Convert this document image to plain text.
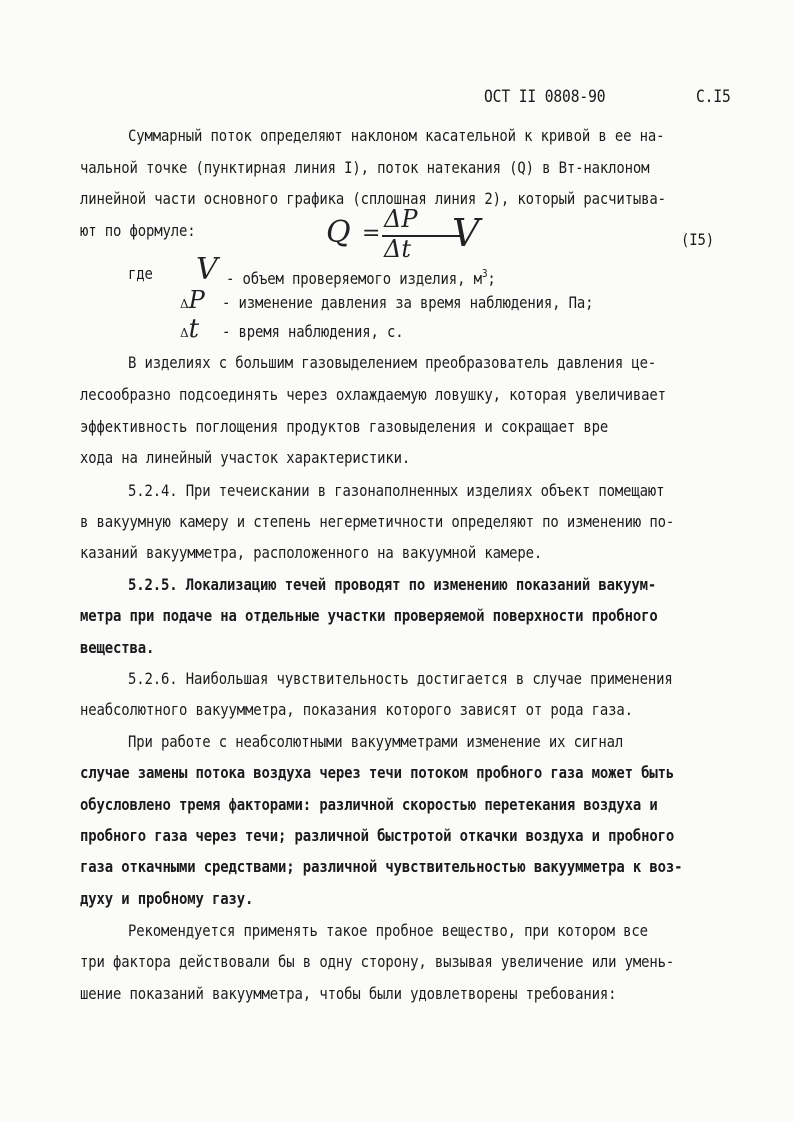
ОСТ II 0808-90	С.I5
Суммарный поток определяют наклоном касательной к кривой в ее на-
чальной точке (пунктирная линия I), поток натекания (Q) в Вт-наклоном
линейной части основного графика (сплошная линия 2), который расчитыва-
ют по формуле:	Q =
ΔP
Δt V	(I5)
где V - объем проверяемого изделия, $м^3$;
ΔP - изменение давления за время наблюдения, Па;
Δt - время наблюдения, с.
В изделиях с большим газовыделением преобразователь давления це-
лесообразно подсоединять через охлаждаемую ловушку, которая увеличивает
эффективность поглощения продуктов газовыделения и сокращает вре
хода на линейный участок характеристики.
5.2.4. При течеискании в газонаполненных изделиях объект помещают
в вакуумную камеру и степень негерметичности определяют по изменению по-
казаний вакуумметра, расположенного на вакуумной камере.
5.2.5. Локализацию течей проводят по изменению показаний вакуум-
метра при подаче на отдельные участки проверяемой поверхности пробного
вещества.
5.2.6. Наибольшая чувствительность достигается в случае применения
неабсолютного вакуумметра, показания которого зависят от рода газа.
При работе с неабсолютными вакуумметрами изменение их сигнал
случае замены потока воздуха через течи потоком пробного газа может быть
обусловлено тремя факторами: различной скоростью перетекания воздуха и
пробного газа через течи; различной быстротой откачки воздуха и пробного
газа откачными средствами; различной чувствительностью вакуумметра к воз-
духу и пробному газу.
Рекомендуется применять такое пробное вещество, при котором все
три фактора действовали бы в одну сторону, вызывая увеличение или умень-
шение показаний вакуумметра, чтобы были удовлетворены требования:
